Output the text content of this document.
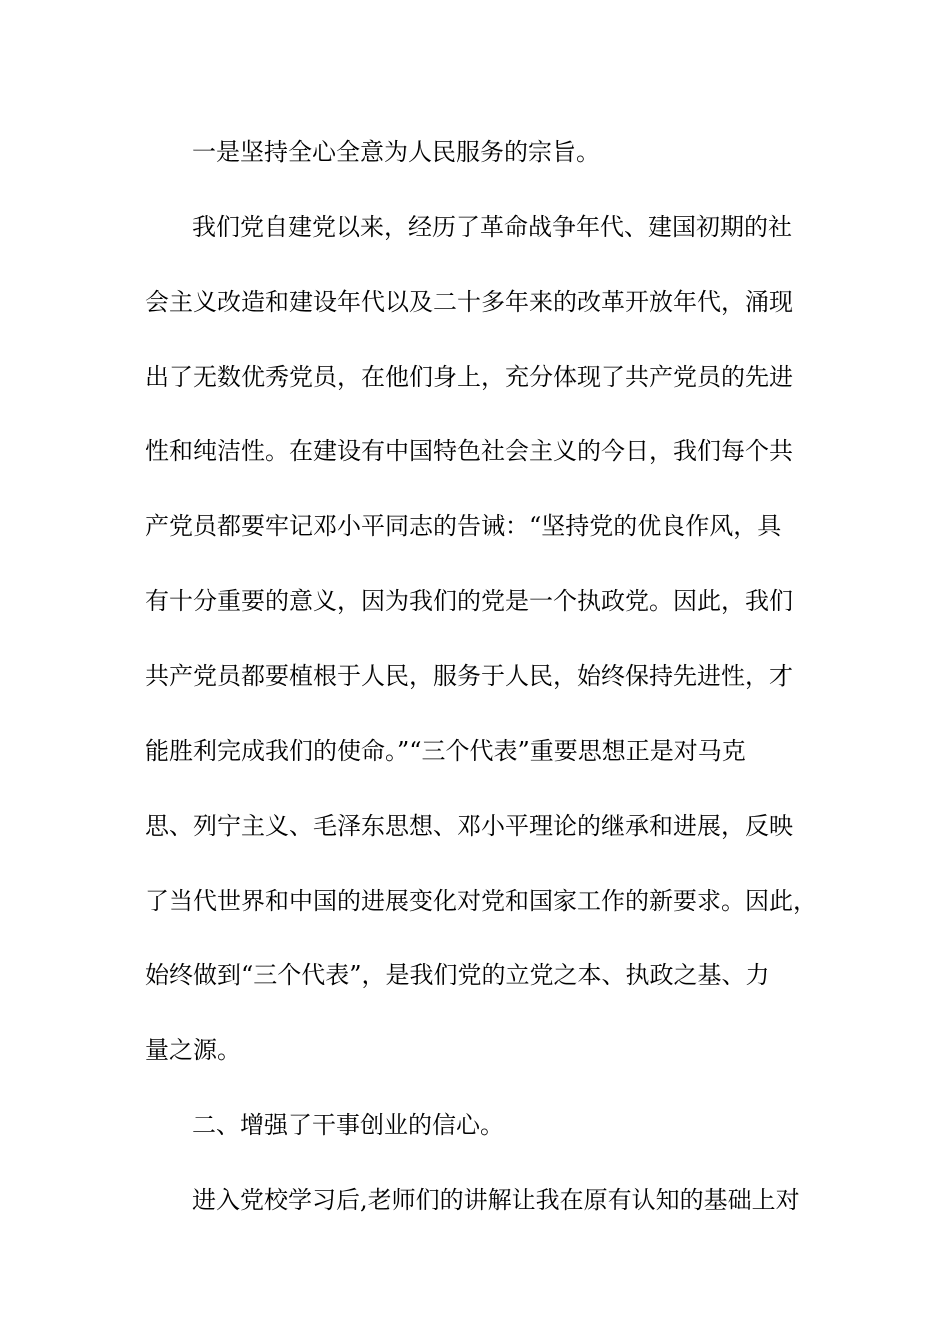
一是坚持全心全意为人民服务的宗旨。
我们党自建党以来，经历了革命战争年代、建国初期的社
会主义改造和建设年代以及二十多年来的改革开放年代，涌现
出了无数优秀党员，在他们身上，充分体现了共产党员的先进
性和纯洁性。在建设有中国特色社会主义的今日，我们每个共
产党员都要牢记邓小平同志的告诫：“坚持党的优良作风，具
有十分重要的意义，因为我们的党是一个执政党。因此，我们
共产党员都要植根于人民，服务于人民，始终保持先进性，才
能胜利完成我们的使命。”“三个代表”重要思想正是对马克
思、列宁主义、毛泽东思想、邓小平理论的继承和进展，反映
了当代世界和中国的进展变化对党和国家工作的新要求。因此，
始终做到“三个代表”，是我们党的立党之本、执政之基、力
量之源。
二、增强了干事创业的信心。
进入党校学习后,老师们的讲解让我在原有认知的基础上对
